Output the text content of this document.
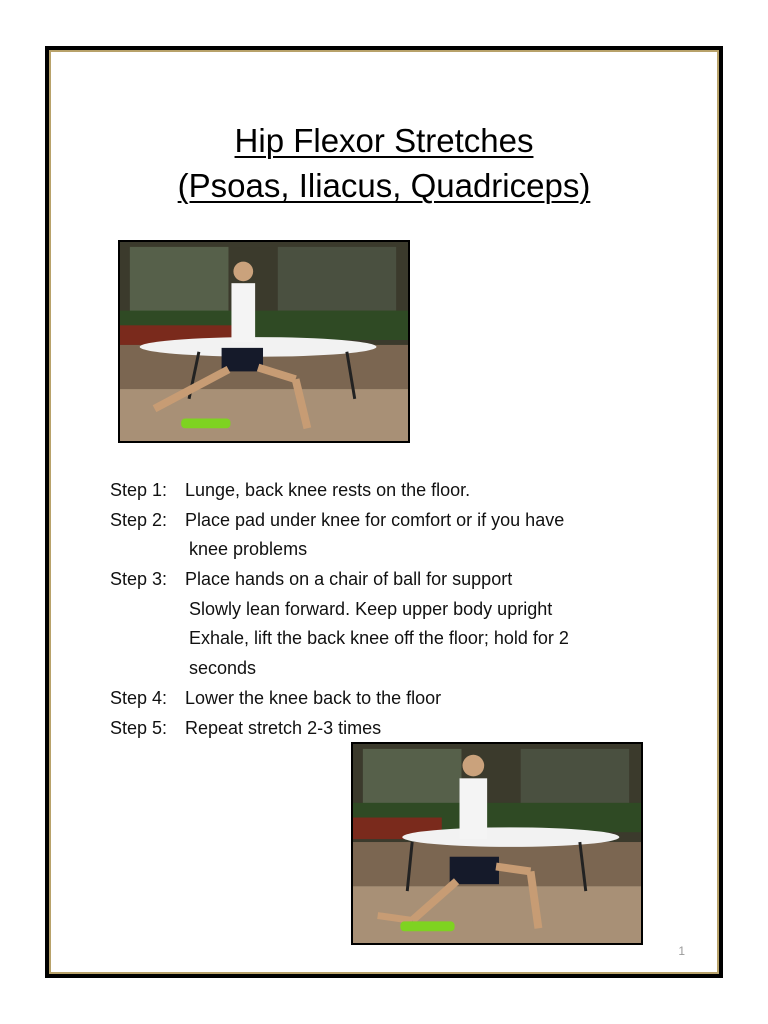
Hip Flexor Stretches
(Psoas, Iliacus, Quadriceps)
Step 1: Lunge, back knee rests on the floor.
Step 2: Place pad under knee for comfort or if you have
knee problems
Step 3: Place hands on a chair of ball for support
Slowly lean forward. Keep upper body upright
Exhale, lift the back knee off the floor; hold for 2
seconds
Step 4: Lower the knee back to the floor
Step 5: Repeat stretch 2-3 times
1
